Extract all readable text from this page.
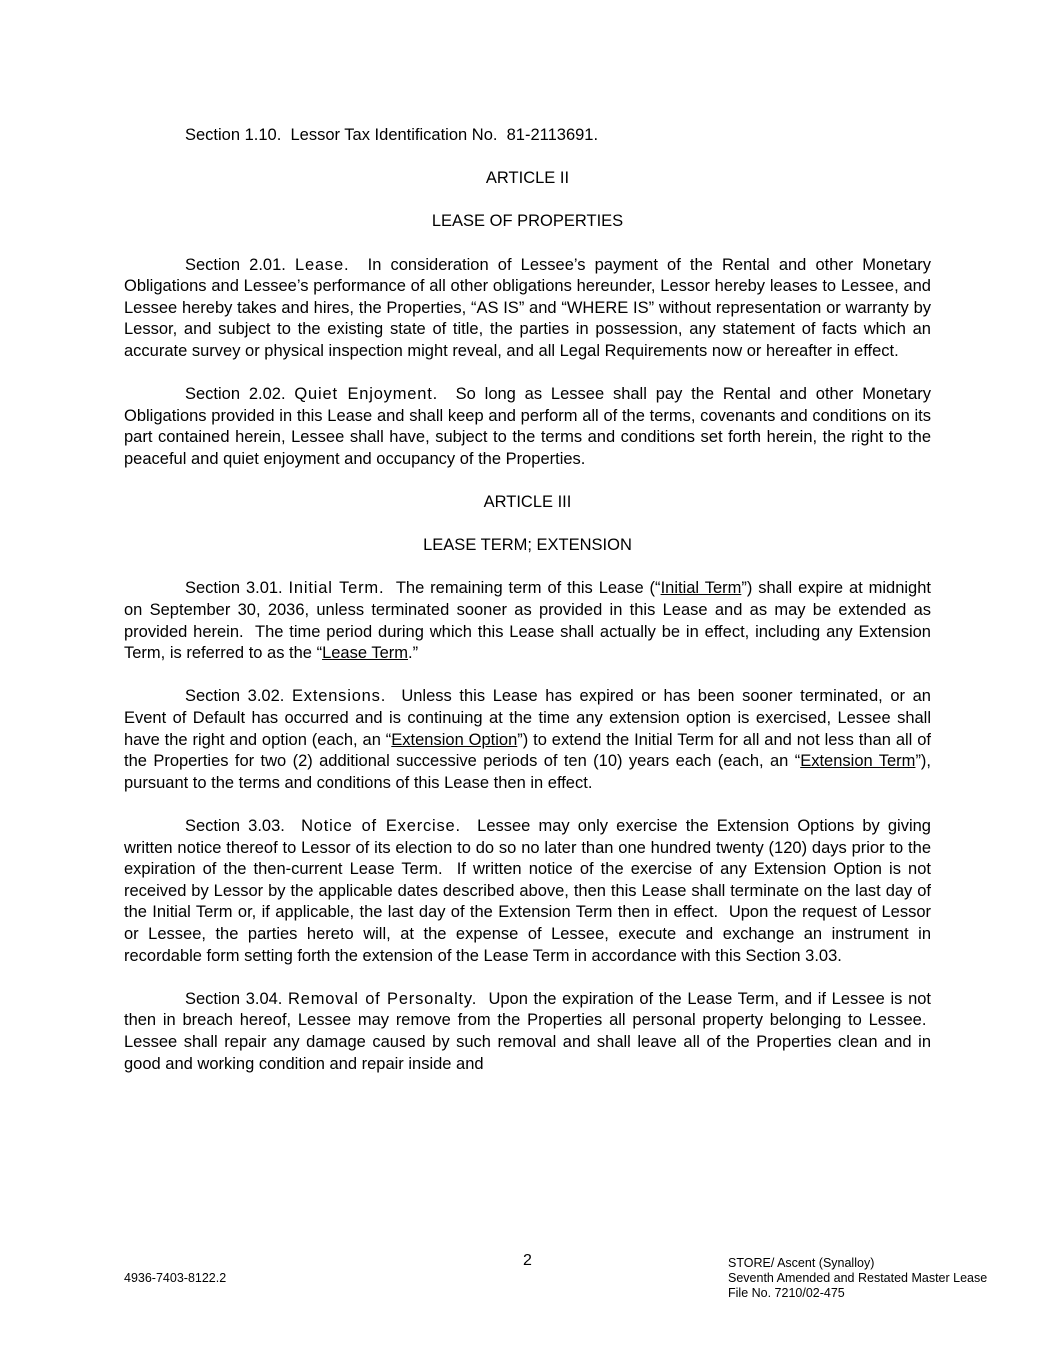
Section 1.10.  Lessor Tax Identification No.  81-2113691.

ARTICLE II

LEASE OF PROPERTIES

Section 2.01. Lease.  In consideration of Lessee’s payment of the Rental and other Monetary Obligations and Lessee’s performance of all other obligations hereunder, Lessor hereby leases to Lessee, and Lessee hereby takes and hires, the Properties, “AS IS” and “WHERE IS” without representation or warranty by Lessor, and subject to the existing state of title, the parties in possession, any statement of facts which an accurate survey or physical inspection might reveal, and all Legal Requirements now or hereafter in effect.

Section 2.02. Quiet Enjoyment.  So long as Lessee shall pay the Rental and other Monetary Obligations provided in this Lease and shall keep and perform all of the terms, covenants and conditions on its part contained herein, Lessee shall have, subject to the terms and conditions set forth herein, the right to the peaceful and quiet enjoyment and occupancy of the Properties.

ARTICLE III

LEASE TERM; EXTENSION

Section 3.01. Initial Term.  The remaining term of this Lease (“Initial Term”) shall expire at midnight on September 30, 2036, unless terminated sooner as provided in this Lease and as may be extended as provided herein.  The time period during which this Lease shall actually be in effect, including any Extension Term, is referred to as the “Lease Term.”

Section 3.02. Extensions.  Unless this Lease has expired or has been sooner terminated, or an Event of Default has occurred and is continuing at the time any extension option is exercised, Lessee shall have the right and option (each, an “Extension Option”) to extend the Initial Term for all and not less than all of the Properties for two (2) additional successive periods of ten (10) years each (each, an “Extension Term”), pursuant to the terms and conditions of this Lease then in effect.

Section 3.03.  Notice of Exercise.  Lessee may only exercise the Extension Options by giving written notice thereof to Lessor of its election to do so no later than one hundred twenty (120) days prior to the expiration of the then-current Lease Term.  If written notice of the exercise of any Extension Option is not received by Lessor by the applicable dates described above, then this Lease shall terminate on the last day of the Initial Term or, if applicable, the last day of the Extension Term then in effect.  Upon the request of Lessor or Lessee, the parties hereto will, at the expense of Lessee, execute and exchange an instrument in recordable form setting forth the extension of the Lease Term in accordance with this Section 3.03.

Section 3.04. Removal of Personalty.  Upon the expiration of the Lease Term, and if Lessee is not then in breach hereof, Lessee may remove from the Properties all personal property belonging to Lessee.  Lessee shall repair any damage caused by such removal and shall leave all of the Properties clean and in good and working condition and repair inside and

2
4936-7403-8122.2
STORE/ Ascent (Synalloy)
Seventh Amended and Restated Master Lease
File No. 7210/02-475
